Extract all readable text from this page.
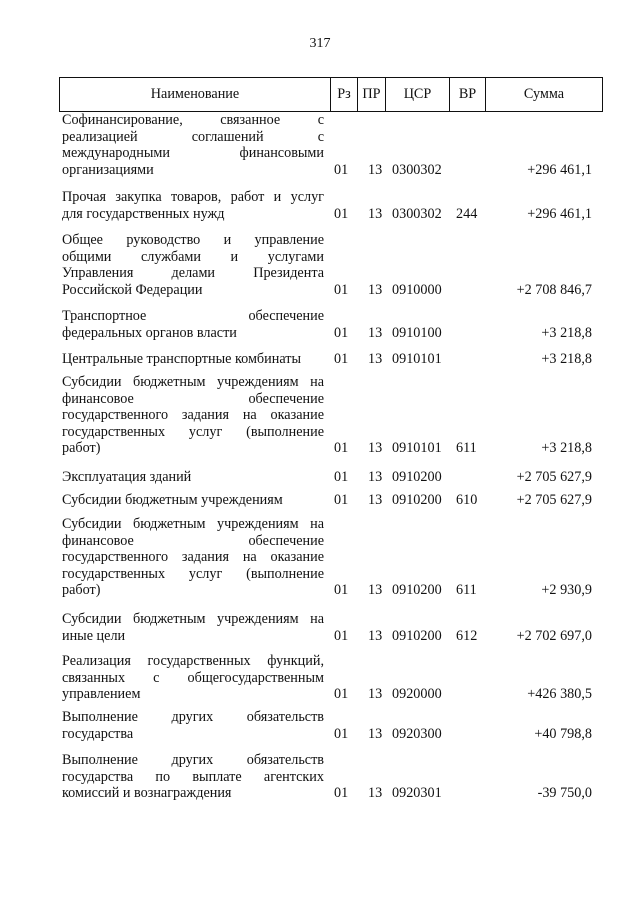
317
Наименование	Рз ПР	ЦСР	ВР	Сумма
Софинансирование, связанное с
реализацией соглашений с
международными финансовыми
организациями	01 13 0300302	+296 461,1
Прочая закупка товаров, работ и услуг
для государственных нужд	01 13 0300302 244	+296 461,1
Общее руководство и управление
общими службами и услугами
Управления делами Президента
Российской Федерации	01 13 0910000	+2 708 846,7
Транспортное обеспечение
федеральных органов власти	01 13 0910100	+3 218,8
Центральные транспортные комбинаты	01 13 0910101	+3 218,8
Субсидии бюджетным учреждениям на
финансовое обеспечение
государственного задания на оказание
государственных услуг (выполнение
работ)	01 13 0910101 611	+3 218,8
Эксплуатация зданий	01 13 0910200	+2 705 627,9
Субсидии бюджетным учреждениям	01 13 0910200 610	+2 705 627,9
Субсидии бюджетным учреждениям на
финансовое обеспечение
государственного задания на оказание
государственных услуг (выполнение
работ)	01 13 0910200 611	+2 930,9
Субсидии бюджетным учреждениям на
иные цели	01 13 0910200 612	+2 702 697,0
Реализация государственных функций,
связанных с общегосударственным
управлением	01 13 0920000	+426 380,5
Выполнение других обязательств
государства	01 13 0920300	+40 798,8
Выполнение других обязательств
государства по выплате агентских
комиссий и вознаграждения	01 13 0920301	-39 750,0
